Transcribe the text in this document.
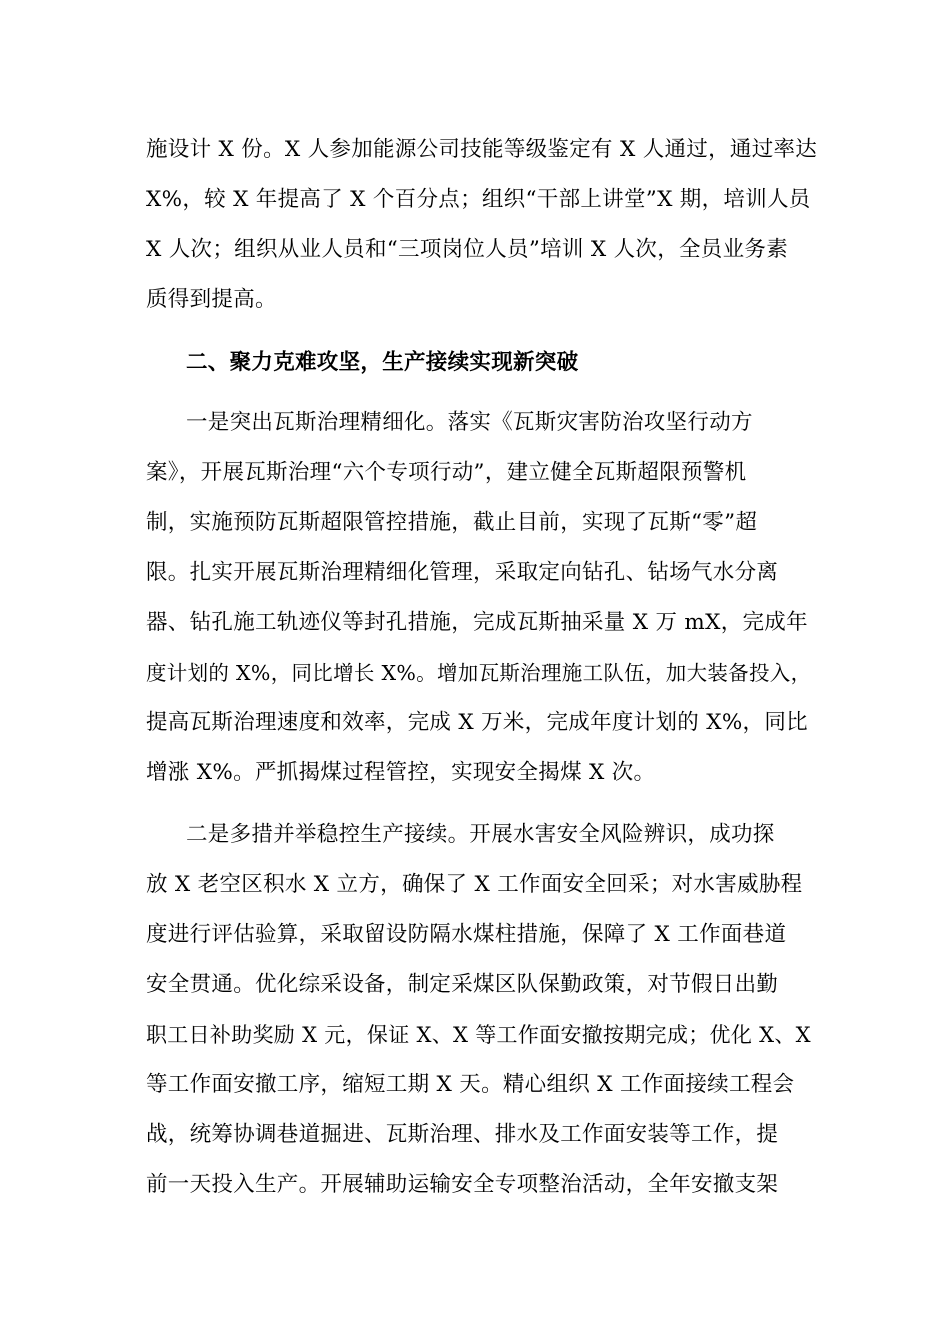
施设计 X 份。X 人参加能源公司技能等级鉴定有 X 人通过，通过率达
X%，较 X 年提高了 X 个百分点；组织“干部上讲堂”X 期，培训人员
X 人次；组织从业人员和“三项岗位人员”培训 X 人次，全员业务素
质得到提高。
二、聚力克难攻坚，生产接续实现新突破
一是突出瓦斯治理精细化。落实《瓦斯灾害防治攻坚行动方
案》，开展瓦斯治理“六个专项行动”，建立健全瓦斯超限预警机
制，实施预防瓦斯超限管控措施，截止目前，实现了瓦斯“零”超
限。扎实开展瓦斯治理精细化管理，采取定向钻孔、钻场气水分离
器、钻孔施工轨迹仪等封孔措施，完成瓦斯抽采量 X 万 mX，完成年
度计划的 X%，同比增长 X%。增加瓦斯治理施工队伍，加大装备投入，
提高瓦斯治理速度和效率，完成 X 万米，完成年度计划的 X%，同比
增涨 X%。严抓揭煤过程管控，实现安全揭煤 X 次。
二是多措并举稳控生产接续。开展水害安全风险辨识，成功探
放 X 老空区积水 X 立方，确保了 X 工作面安全回采；对水害威胁程
度进行评估验算，采取留设防隔水煤柱措施，保障了 X 工作面巷道
安全贯通。优化综采设备，制定采煤区队保勤政策，对节假日出勤
职工日补助奖励 X 元，保证 X、X 等工作面安撤按期完成；优化 X、X
等工作面安撤工序，缩短工期 X 天。精心组织 X 工作面接续工程会
战，统筹协调巷道掘进、瓦斯治理、排水及工作面安装等工作，提
前一天投入生产。开展辅助运输安全专项整治活动，全年安撤支架
